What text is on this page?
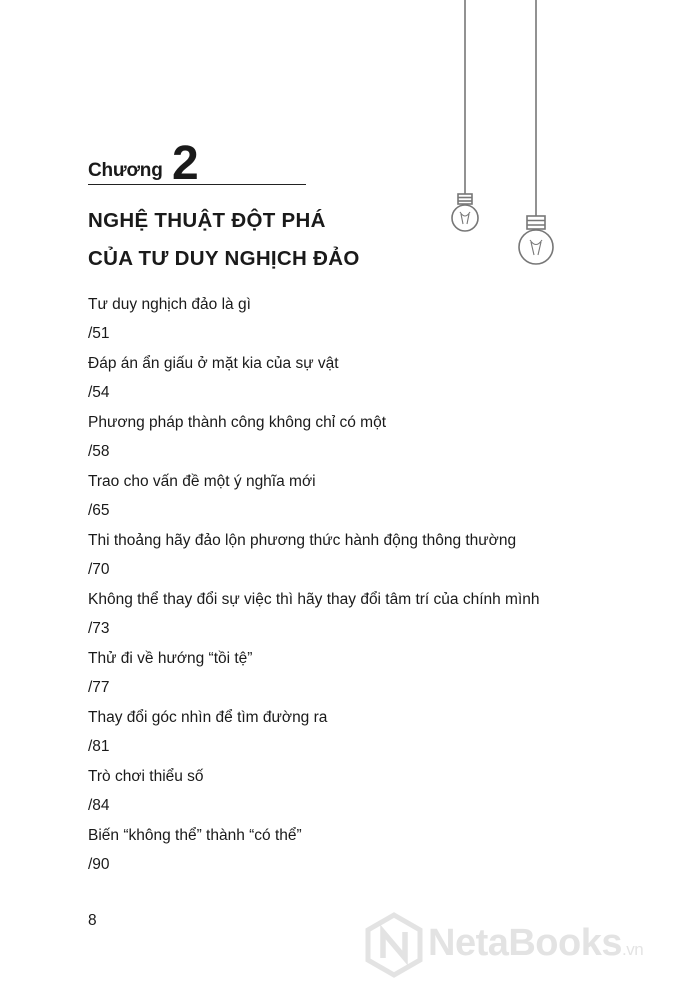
Chương 2
NGHỆ THUẬT ĐỘT PHÁ
CỦA TƯ DUY NGHỊCH ĐẢO
Tư duy nghịch đảo là gì
/51
Đáp án ẩn giấu ở mặt kia của sự vật
/54
Phương pháp thành công không chỉ có một
/58
Trao cho vấn đề một ý nghĩa mới
/65
Thi thoảng hãy đảo lộn phương thức hành động thông thường
/70
Không thể thay đổi sự việc thì hãy thay đổi tâm trí của chính mình
/73
Thử đi về hướng “tồi tệ”
/77
Thay đổi góc nhìn để tìm đường ra
/81
Trò chơi thiểu số
/84
Biến “không thể” thành “có thể”
/90
8
NetaBooks.vn
